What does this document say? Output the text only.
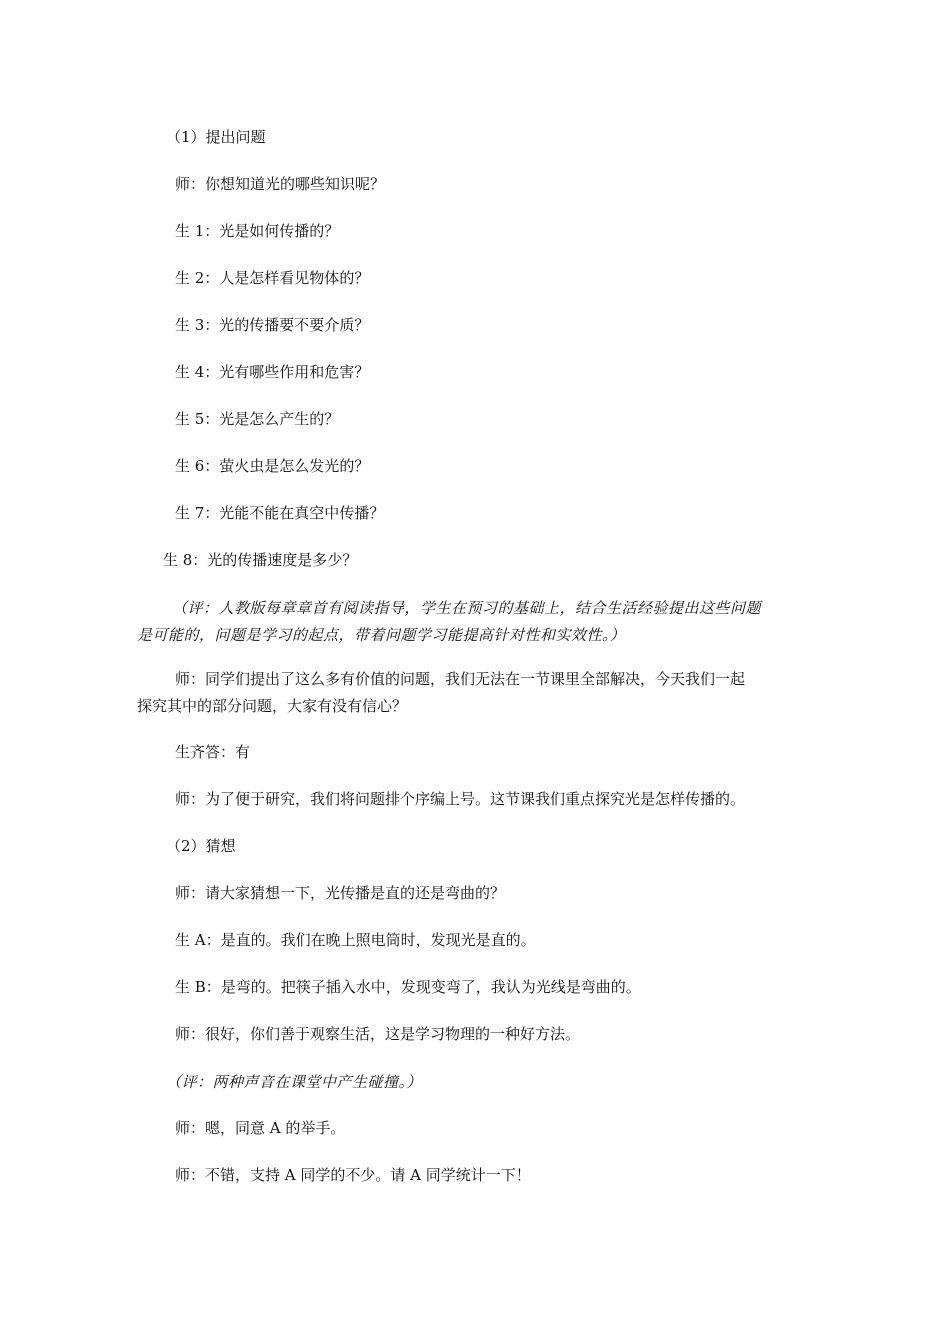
（1）提出问题
师：你想知道光的哪些知识呢？
生 1：光是如何传播的？
生 2：人是怎样看见物体的？
生 3：光的传播要不要介质？
生 4：光有哪些作用和危害？
生 5：光是怎么产生的？
生 6：萤火虫是怎么发光的？
生 7：光能不能在真空中传播？
生 8：光的传播速度是多少？
（评：人教版每章章首有阅读指导，学生在预习的基础上，结合生活经验提出这些问题
是可能的，问题是学习的起点，带着问题学习能提高针对性和实效性。）
师：同学们提出了这么多有价值的问题，我们无法在一节课里全部解决，今天我们一起
探究其中的部分问题，大家有没有信心？
生齐答：有
师：为了便于研究，我们将问题排个序编上号。这节课我们重点探究光是怎样传播的。
（2）猜想
师：请大家猜想一下，光传播是直的还是弯曲的？
生 A：是直的。我们在晚上照电筒时，发现光是直的。
生 B：是弯的。把筷子插入水中，发现变弯了，我认为光线是弯曲的。
师：很好，你们善于观察生活，这是学习物理的一种好方法。
（评：两种声音在课堂中产生碰撞。）
师：嗯，同意 A 的举手。
师：不错，支持 A 同学的不少。请 A 同学统计一下！
